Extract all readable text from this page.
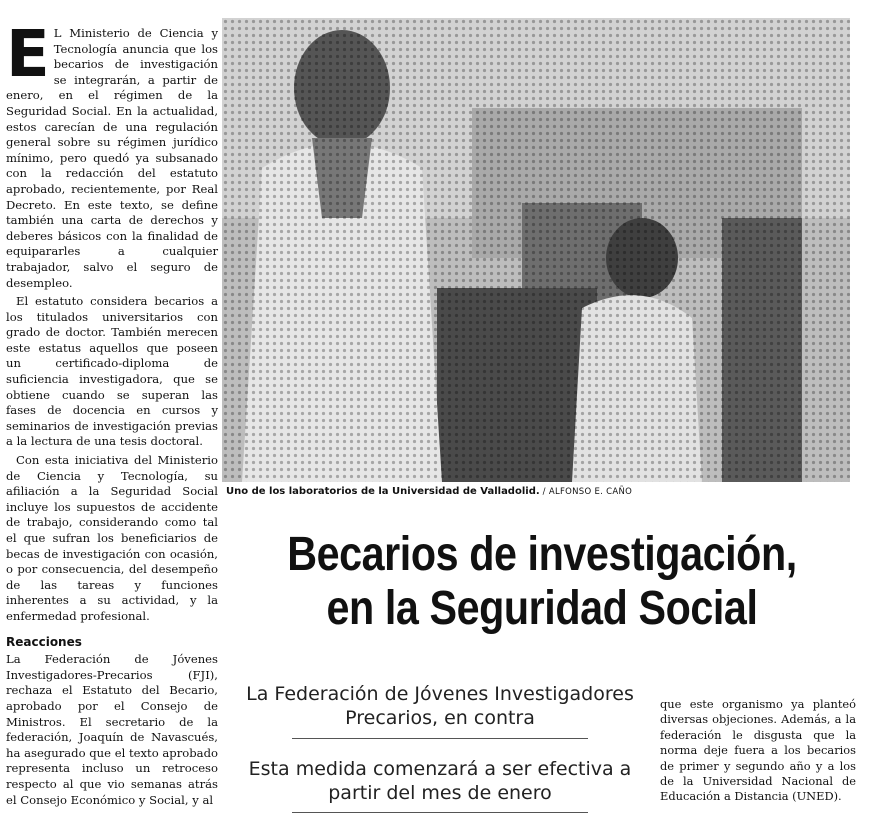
E L Ministerio de Ciencia y Tecnología anuncia que los becarios de investigación se integrarán, a partir de enero, en el régimen de la Seguridad Social. En la actualidad, estos carecían de una regulación general sobre su régimen jurídico mínimo, pero quedó ya subsanado con la redacción del estatuto aprobado, recientemente, por Real Decreto. En este texto, se define también una carta de derechos y deberes básicos con la finalidad de equipararles a cualquier trabajador, salvo el seguro de desempleo.

El estatuto considera becarios a los titulados universitarios con grado de doctor. También merecen este estatus aquellos que poseen un certificado-diploma de suficiencia investigadora, que se obtiene cuando se superan las fases de docencia en cursos y seminarios de investigación previas a la lectura de una tesis doctoral.

Con esta iniciativa del Ministerio de Ciencia y Tecnología, su afiliación a la Seguridad Social incluye los supuestos de accidente de trabajo, considerando como tal el que sufran los beneficiarios de becas de investigación con ocasión, o por consecuencia, del desempeño de las tareas y funciones inherentes a su actividad, y la enfermedad profesional.

Reacciones

La Federación de Jóvenes Investigadores-Precarios (FJI), rechaza el Estatuto del Becario, aprobado por el Consejo de Ministros. El secretario de la federación, Joaquín de Navascués, ha asegurado que el texto aprobado representa incluso un retroceso respecto al que vio semanas atrás el Consejo Económico y Social, y al

Uno de los laboratorios de la Universidad de Valladolid. / ALFONSO E. CAÑO
Becarios de investigación,
en la Seguridad Social
La Federación de Jóvenes Investigadores Precarios, en contra
Esta medida comenzará a ser efectiva a partir del mes de enero
que este organismo ya planteó diversas objeciones. Además, a la federación le disgusta que la norma deje fuera a los becarios de primer y segundo año y a los de la Universidad Nacional de Educación a Distancia (UNED).
